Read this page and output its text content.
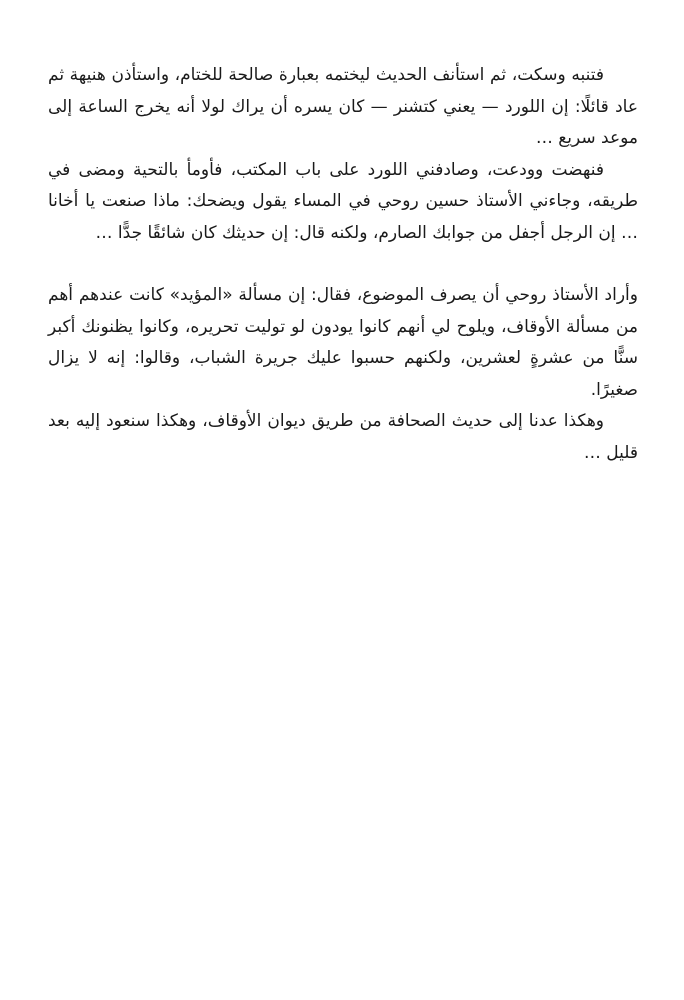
فتنبه وسكت، ثم استأنف الحديث ليختمه بعبارة صالحة للختام، واستأذن هنيهة ثم عاد قائلًا: إن اللورد — يعني كتشنر — كان يسره أن يراك لولا أنه يخرج الساعة إلى موعد سريع …

فنهضت وودعت، وصادفني اللورد على باب المكتب، فأومأ بالتحية ومضى في طريقه، وجاءني الأستاذ حسين روحي في المساء يقول ويضحك: ماذا صنعت يا أخانا … إن الرجل أجفل من جوابك الصارم، ولكنه قال: إن حديثك كان شائقًا جدًّا …

وأراد الأستاذ روحي أن يصرف الموضوع، فقال: إن مسألة «المؤيد» كانت عندهم أهم من مسألة الأوقاف، ويلوح لي أنهم كانوا يودون لو توليت تحريره، وكانوا يظنونك أكبر سنًّا من عشرةٍ لعشرين، ولكنهم حسبوا عليك جريرة الشباب، وقالوا: إنه لا يزال صغيرًا.

وهكذا عدنا إلى حديث الصحافة من طريق ديوان الأوقاف، وهكذا سنعود إليه بعد قليل …
